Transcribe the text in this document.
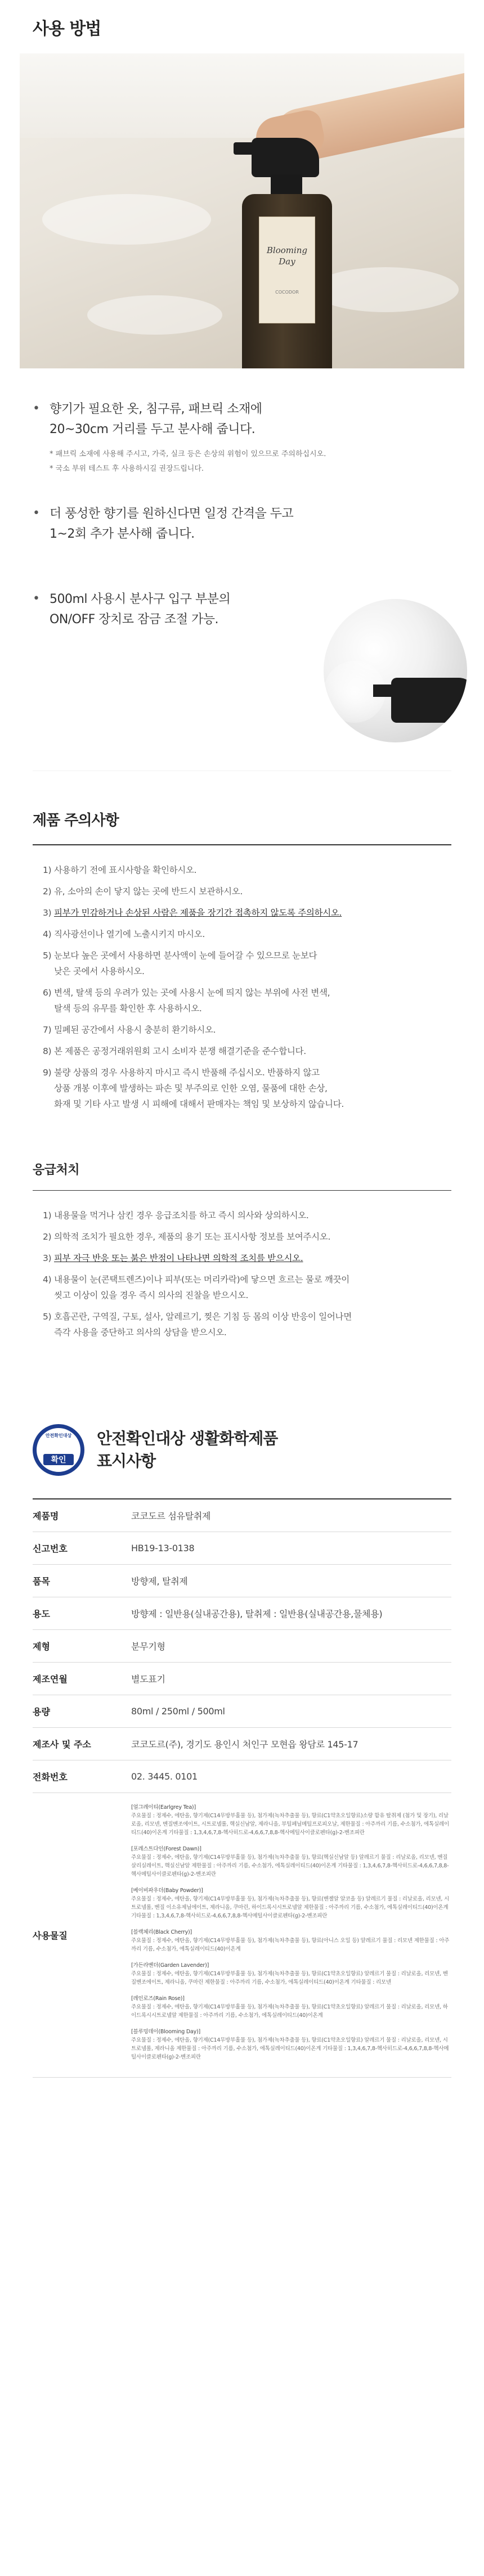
사용 방법
Blooming Day
COCODOR
• 향기가 필요한 옷, 침구류, 패브릭 소재에
20~30cm 거리를 두고 분사해 줍니다.
* 패브릭 소재에 사용해 주시고, 가죽, 실크 등은 손상의 위험이 있으므로 주의하십시오.
* 국소 부위 테스트 후 사용하시길 권장드립니다.
• 더 풍성한 향기를 원하신다면 일정 간격을 두고
1~2회 추가 분사해 줍니다.
• 500ml 사용시 분사구 입구 부분의
ON/OFF 장치로 잠금 조절 가능.
제품 주의사항
1) 사용하기 전에 표시사항을 확인하시오.
2) 유, 소아의 손이 닿지 않는 곳에 반드시 보관하시오.
3) 피부가 민감하거나 손상된 사람은 제품을 장기간 접촉하지 않도록 주의하시오.
4) 직사광선이나 열기에 노출시키지 마시오.
5) 눈보다 높은 곳에서 사용하면 분사액이 눈에 들어갈 수 있으므로 눈보다
낮은 곳에서 사용하시오.
6) 변색, 탈색 등의 우려가 있는 곳에 사용시 눈에 띄지 않는 부위에 사전 변색,
탈색 등의 유무를 확인한 후 사용하시오.
7) 밀폐된 공간에서 사용시 충분히 환기하시오.
8) 본 제품은 공정거래위원회 고시 소비자 분쟁 해결기준을 준수합니다.
9) 불량 상품의 경우 사용하지 마시고 즉시 반품해 주십시오. 반품하지 않고
상품 개봉 이후에 발생하는 파손 및 부주의로 인한 오염, 물품에 대한 손상,
화재 및 기타 사고 발생 시 피해에 대해서 판매자는 책임 및 보상하지 않습니다.
응급처치
1) 내용물을 먹거나 삼킨 경우 응급조치를 하고 즉시 의사와 상의하시오.
2) 의학적 조치가 필요한 경우, 제품의 용기 또는 표시사항 정보를 보여주시오.
3) 피부 자극 반응 또는 붉은 반점이 나타나면 의학적 조치를 받으시오.
4) 내용물이 눈(콘택트렌즈)이나 피부(또는 머리카락)에 닿으면 흐르는 물로 깨끗이
씻고 이상이 있을 경우 즉시 의사의 진찰을 받으시오.
5) 호흡곤란, 구역질, 구토, 설사, 알레르기, 찢은 기침 등 몸의 이상 반응이 일어나면
즉각 사용을 중단하고 의사의 상담을 받으시오.
안전확인대상
확인
안전확인대상 생활화학제품
표시사항
제품명	코코도르 섬유탈취제
신고번호	HB19-13-0138
품목	방향제, 탈취제
용도	방향제 : 일반용(실내공간용), 탈취제 : 일반용(실내공간용,물체용)
제형	분무기형
제조연월	별도표기
용량	80ml / 250ml / 500ml
제조사 및 주소	코코도르(주), 경기도 용인시 처인구 모현읍 왕담로 145-17
전화번호	02. 3445. 0101
사용물질
[얼그레이티(Earlgrey Tea)]
주요물질 : 정제수, 에탄올, 향기제(C14무방부홀물 등), 첨가제(녹차추출물 등), 향료(C1약초오일향료)소량 함유 탈취제 (첨가 및 장기), 리날로올, 리모넨, 벤질벤조에이트, 시트로넬롤, 핵실신남알, 제라니올, 부틸페닐메틸프로피오날, 제한물질 : 아주까리 기름, 수소첨가, 에톡실레이티드(40)이온계 기타물질 : 1,3,4,6,7,8-헥사히드로-4,6,6,7,8,8-헥사메틸사이클로펜타(g)-2-벤조피란
[포레스트다인(Forest Dawn)]
주요물질 : 정제수, 에탄올, 향기제(C14무방부홀물 등), 첨가제(녹차추출물 등), 향료(헥실신남알 등) 알레르기 물질 : 리날로올, 리모넨, 벤질살리실레이트, 핵실신남알 제한물질 : 아주까리 기름, 수소첨가, 에톡실레이티드(40)이온계 기타물질 : 1,3,4,6,7,8-헥사히드로-4,6,6,7,8,8-헥사메틸사이클로펜타(g)-2-벤조피란
[베이비파우더(Baby Powder)]
주요물질 : 정제수, 에탄올, 향기제(C14무방부홀물 등), 첨가제(녹차추출물 등), 향료(벤젤알 알코올 등) 알레르기 물질 : 리날로올, 리모넨, 시트로넬롤, 벤질 이소유제닐에이트, 제라니올, 쿠마린, 하이드록시시트로넬알 제한물질 : 아주까리 기름, 수소첨가, 에톡실레이티드(40)이온계 기타물질 : 1,3,4,6,7,8-헥사히드로-4,6,6,7,8,8-헥사메틸사이클로펜타(g)-2-벤조피란
[블랙체리(Black Cherry)]
주요물질 : 정제수, 에탄올, 향기제(C14무방부홀물 등), 첨가제(녹차추출물 등), 향료(아니스 오일 등) 알레르기 물질 : 리모넨 제한물질 : 아주까리 기름, 수소첨가, 에톡실레이티드(40)이온계
[가든라벤더(Garden Lavender)]
주요물질 : 정제수, 에탄올, 향기제(C14무방부홀물 등), 첨가제(녹차추출물 등), 향료(C1약초오일향료) 알레르기 물질 : 리날로올, 리모넨, 벤질벤조에이트, 제라니올, 쿠마린 제한물질 : 아주까리 기름, 수소첨가, 에톡실레이티드(40)이온계 기타물질 : 리모넨
[레인로즈(Rain Rose)]
주요물질 : 정제수, 에탄올, 향기제(C14무방부홀물 등), 첨가제(녹차추출물 등), 향료(C1약초오일향료) 알레르기 물질 : 리날로올, 리모넨, 하이드록시시트로넬알 제한물질 : 아주까리 기름, 수소첨가, 에톡실레이티드(40)이온계
[블루밍데이(Blooming Day)]
주요물질 : 정제수, 에탄올, 향기제(C14무방부홀물 등), 첨가제(녹차추출물 등), 향료(C1약초오일향료) 알레르기 물질 : 리날로올, 리모넨, 시트로넬롤, 제라니올 제한물질 : 아주까리 기름, 수소첨가, 에톡실레이티드(40)이온계 기타물질 : 1,3,4,6,7,8-헥사히드로-4,6,6,7,8,8-헥사메틸사이클로펜타(g)-2-벤조피란
